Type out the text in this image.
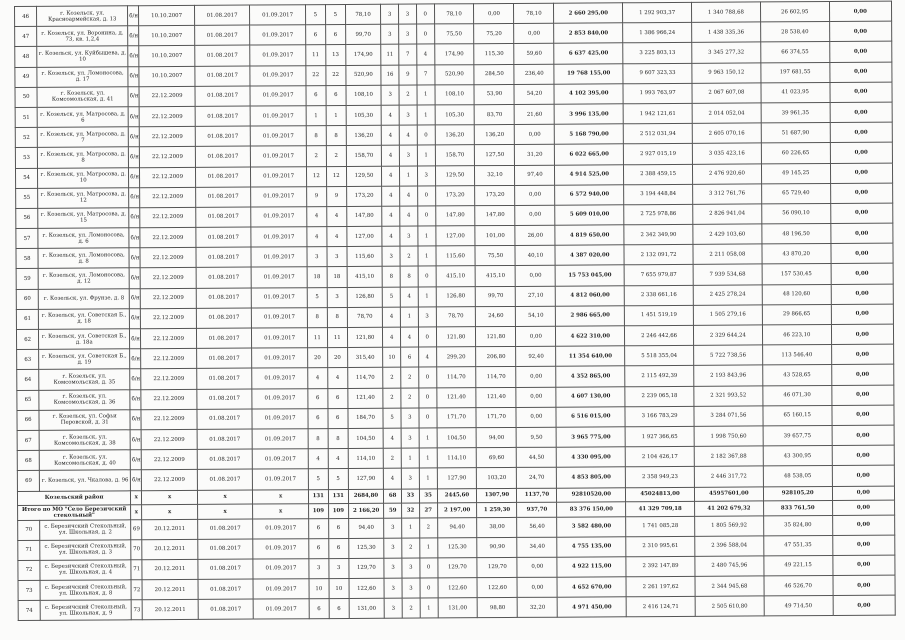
46	г. Козельск, ул. Красноармейская, д. 13	б/н	10.10.2007	01.08.2017	01.09.2017	5	5	78,10	3	3	0	78,10	0,00	78,10	2 660 295,00	1 292 903,37	1 340 788,68	26 602,95	0,00
47	г. Козельск, ул. Воронина, д. 73, кв. 1,2,4	б/н	10.10.2007	01.08.2017	01.09.2017	6	6	99,70	3	3	0	75,50	75,20	0,00	2 853 840,00	1 386 966,24	1 438 335,36	28 538,40	0,00
48	г. Козельск, ул. Куйбышева, д. 10	б/н	10.10.2007	01.08.2017	01.09.2017	11	13	174,90	11	7	4	174,90	115,30	59,60	6 637 425,00	3 225 803,13	3 345 277,32	66 374,55	0,00
49	г. Козельск, ул. Ломоносова, д. 17	б/н	10.10.2007	01.08.2017	01.09.2017	22	22	520,90	16	9	7	520,90	284,50	236,40	19 768 155,00	9 607 323,33	9 963 150,12	197 681,55	0,00
50	г. Козельск, ул. Комсомольская, д. 41	б/н	22.12.2009	01.08.2017	01.09.2017	6	6	108,10	3	2	1	108,10	53,90	54,20	4 102 395,00	1 993 763,97	2 067 607,08	41 023,95	0,00
51	г. Козельск, ул. Матросова, д. 6	б/н	22.12.2009	01.08.2017	01.09.2017	1	1	105,30	4	3	1	105,30	83,70	21,60	3 996 135,00	1 942 121,61	2 014 052,04	39 961,35	0,00
52	г. Козельск, ул. Матросова, д. 7	б/н	22.12.2009	01.08.2017	01.09.2017	8	8	136,20	4	4	0	136,20	136,20	0,00	5 168 790,00	2 512 031,94	2 605 070,16	51 687,90	0,00
53	г. Козельск, ул. Матросова, д. 8	б/н	22.12.2009	01.08.2017	01.09.2017	2	2	158,70	4	3	1	158,70	127,50	31,20	6 022 665,00	2 927 015,19	3 035 423,16	60 226,65	0,00
54	г. Козельск, ул. Матросова, д. 10	б/н	22.12.2009	01.08.2017	01.09.2017	12	12	129,50	4	1	3	129,50	32,10	97,40	4 914 525,00	2 388 459,15	2 476 920,60	49 145,25	0,00
55	г. Козельск, ул. Матросова, д. 12	б/н	22.12.2009	01.08.2017	01.09.2017	9	9	173,20	4	4	0	173,20	173,20	0,00	6 572 940,00	3 194 448,84	3 312 761,76	65 729,40	0,00
56	г. Козельск, ул. Матросова, д. 15	б/н	22.12.2009	01.08.2017	01.09.2017	4	4	147,80	4	4	0	147,80	147,80	0,00	5 609 010,00	2 725 978,86	2 826 941,04	56 090,10	0,00
57	г. Козельск, ул. Ломоносова, д. 6	б/н	22.12.2009	01.08.2017	01.09.2017	4	4	127,00	4	3	1	127,00	101,00	26,00	4 819 650,00	2 342 349,90	2 429 103,60	48 196,50	0,00
58	г. Козельск, ул. Ломоносова, д. 8	б/н	22.12.2009	01.08.2017	01.09.2017	3	3	115,60	3	2	1	115,60	75,50	40,10	4 387 020,00	2 132 091,72	2 211 058,08	43 870,20	0,00
59	г. Козельск, ул. Ломоносова, д. 12	б/н	22.12.2009	01.08.2017	01.09.2017	18	18	415,10	8	8	0	415,10	415,10	0,00	15 753 045,00	7 655 979,87	7 939 534,68	157 530,45	0,00
60	г. Козельск, ул. Фрунзе, д. 8	б/н	22.12.2009	01.08.2017	01.09.2017	5	3	126,80	5	4	1	126,80	99,70	27,10	4 812 060,00	2 338 661,16	2 425 278,24	48 120,60	0,00
61	г. Козельск, ул. Советская Б., д. 18	б/н	22.12.2009	01.08.2017	01.09.2017	8	8	78,70	4	1	3	78,70	24,60	54,10	2 986 665,00	1 451 519,19	1 505 279,16	29 866,65	0,00
62	г. Козельск, ул. Советская Б., д. 18а	б/н	22.12.2009	01.08.2017	01.09.2017	11	11	121,80	4	4	0	121,80	121,80	0,00	4 622 310,00	2 246 442,66	2 329 644,24	46 223,10	0,00
63	г. Козельск, ул. Советская Б., д. 19	б/н	22.12.2009	01.08.2017	01.09.2017	20	20	315,40	10	6	4	299,20	206,80	92,40	11 354 640,00	5 518 355,04	5 722 738,56	113 546,40	0,00
64	г. Козельск, ул. Комсомольская, д. 35	б/н	22.12.2009	01.08.2017	01.09.2017	4	4	114,70	2	2	0	114,70	114,70	0,00	4 352 865,00	2 115 492,39	2 193 843,96	43 528,65	0,00
65	г. Козельск, ул. Комсомольская, д. 36	б/н	22.12.2009	01.08.2017	01.09.2017	6	6	121,40	2	2	0	121,40	121,40	0,00	4 607 130,00	2 239 065,18	2 321 993,52	46 071,30	0,00
66	г. Козельск, ул. Софьи Перовской, д. 31	б/н	22.12.2009	01.08.2017	01.09.2017	6	6	184,70	5	3	0	171,70	171,70	0,00	6 516 015,00	3 166 783,29	3 284 071,56	65 160,15	0,00
67	г. Козельск, ул. Комсомольская, д. 38	б/н	22.12.2009	01.08.2017	01.09.2017	8	8	104,50	4	3	1	104,50	94,00	9,50	3 965 775,00	1 927 366,65	1 998 750,60	39 657,75	0,00
68	г. Козельск, ул. Комсомольская, д. 40	б/н	22.12.2009	01.08.2017	01.09.2017	4	4	114,10	2	1	1	114,10	69,60	44,50	4 330 095,00	2 104 426,17	2 182 367,88	43 300,95	0,00
69	г. Козельск, ул. Чкалова, д. 96	б/н	22.12.2009	01.08.2017	01.09.2017	5	5	127,90	4	3	1	127,90	103,20	24,70	4 853 805,00	2 358 949,23	2 446 317,72	48 538,05	0,00
Козельский район		x	x	x	x	131	131	2684,80	68	33	35	2445,60	1307,90	1137,70	92810520,00	45024813,00	45957601,00	928105,20	0,00
Итого по МО "Село Березичский стекольный"		x	x	x	x	109	109	2 166,20	59	32	27	2 197,00	1 259,30	937,70	83 376 150,00	41 329 709,18	41 202 679,32	833 761,50	0,00
70	с. Березичский Стекольный, ул. Школьная, д. 2	69	20.12.2011	01.08.2017	01.09.2017	6	6	94,40	3	1	2	94,40	38,00	56,40	3 582 480,00	1 741 085,28	1 805 569,92	35 824,80	0,00
71	с. Березичский Стекольный, ул. Школьная, д. 3	70	20.12.2011	01.08.2017	01.09.2017	6	6	125,30	3	2	1	125,30	90,90	34,40	4 755 135,00	2 310 995,61	2 396 588,04	47 551,35	0,00
72	с. Березичский Стекольный, ул. Школьная, д. 4	71	20.12.2011	01.08.2017	01.09.2017	3	3	129,70	3	3	0	129,70	129,70	0,00	4 922 115,00	2 392 147,89	2 480 745,96	49 221,15	0,00
73	с. Березичский Стекольный, ул. Школьная, д. 8	72	20.12.2011	01.08.2017	01.09.2017	10	10	122,60	3	3	0	122,60	122,60	0,00	4 652 670,00	2 261 197,62	2 344 945,68	46 526,70	0,00
74	с. Березичский Стекольный, ул. Школьная, д. 9	73	20.12.2011	01.08.2017	01.09.2017	6	6	131,00	3	2	1	131,00	98,80	32,20	4 971 450,00	2 416 124,71	2 505 610,80	49 714,50	0,00
